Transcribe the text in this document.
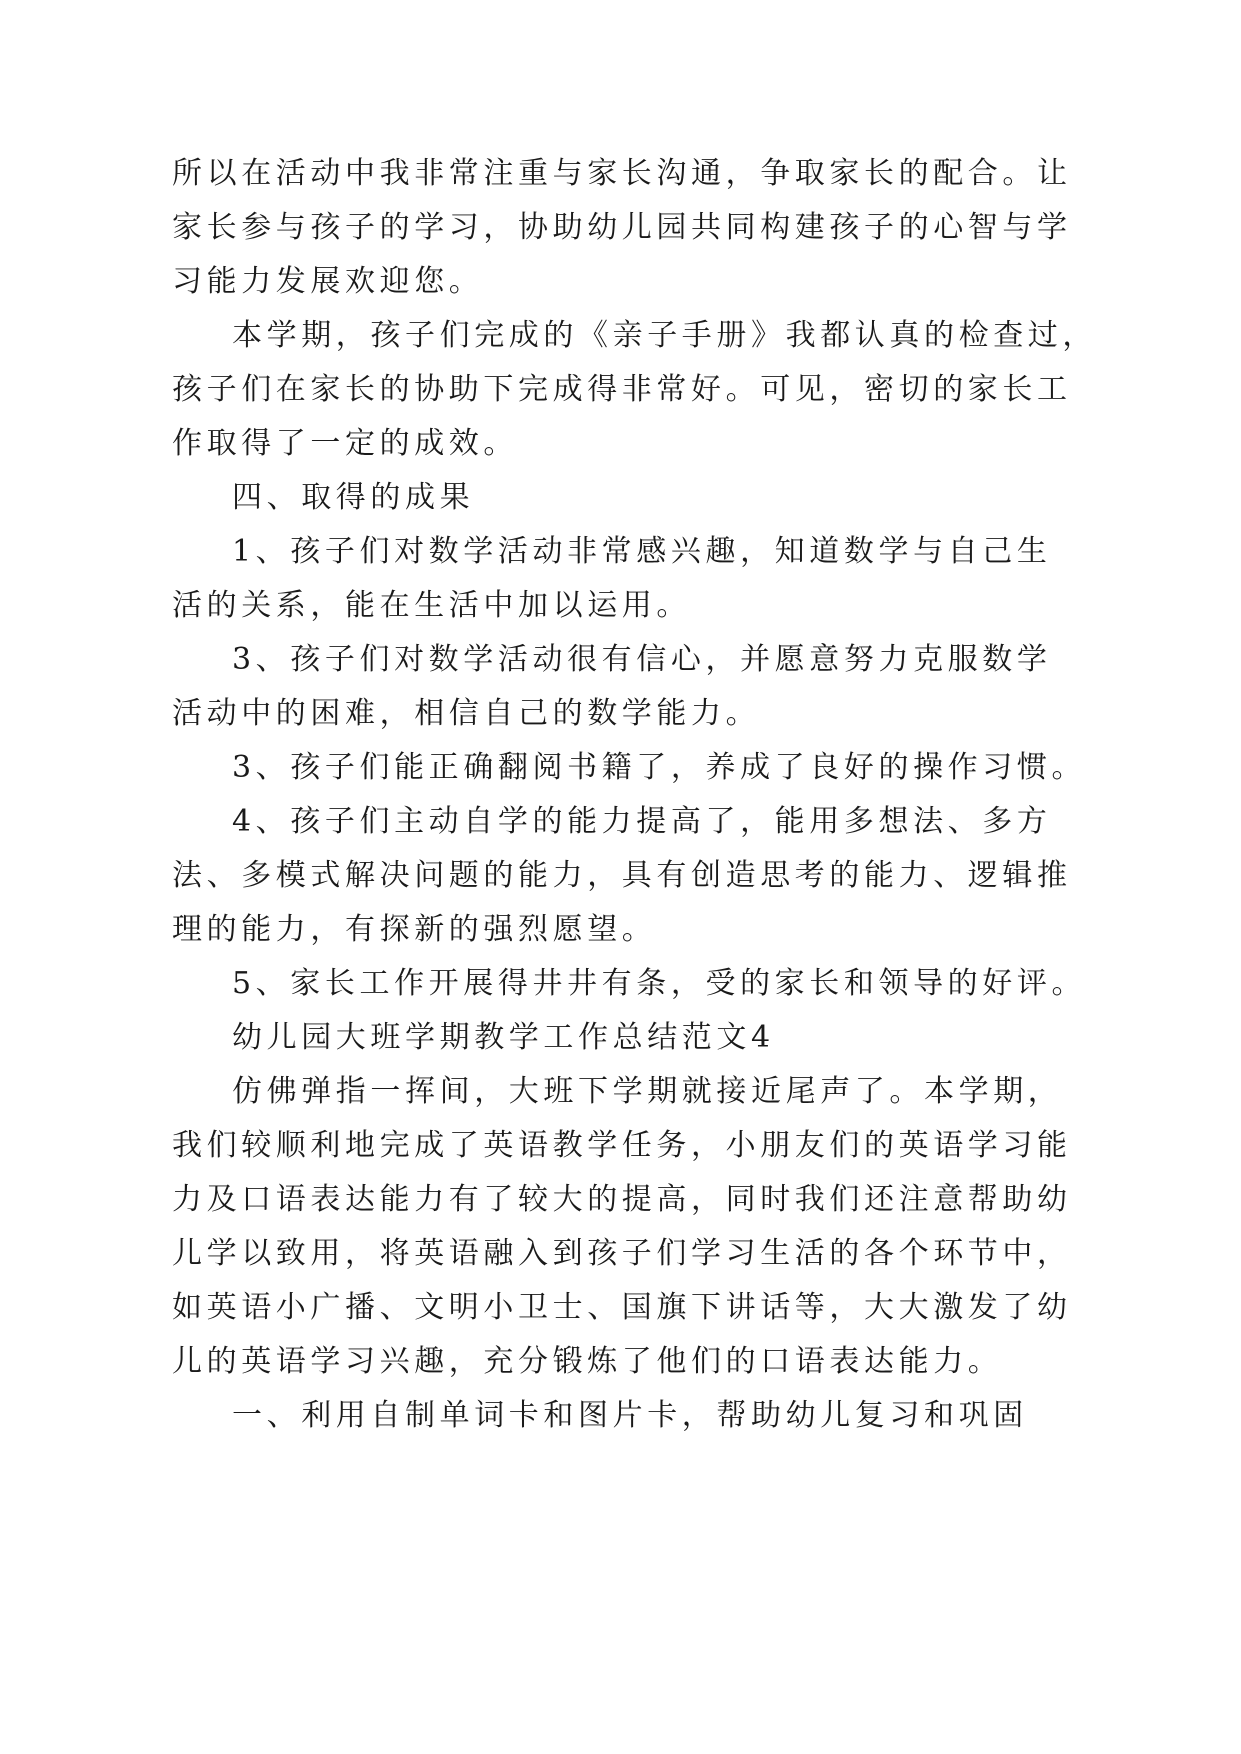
所以在活动中我非常注重与家长沟通，争取家长的配合。让
家长参与孩子的学习，协助幼儿园共同构建孩子的心智与学
习能力发展欢迎您。
本学期，孩子们完成的《亲子手册》我都认真的检查过，
孩子们在家长的协助下完成得非常好。可见，密切的家长工
作取得了一定的成效。
四、取得的成果
1、孩子们对数学活动非常感兴趣，知道数学与自己生
活的关系，能在生活中加以运用。
3、孩子们对数学活动很有信心，并愿意努力克服数学
活动中的困难，相信自己的数学能力。
3、孩子们能正确翻阅书籍了，养成了良好的操作习惯。
4、孩子们主动自学的能力提高了，能用多想法、多方
法、多模式解决问题的能力，具有创造思考的能力、逻辑推
理的能力，有探新的强烈愿望。
5、家长工作开展得井井有条，受的家长和领导的好评。
幼儿园大班学期教学工作总结范文4
仿佛弹指一挥间，大班下学期就接近尾声了。本学期，
我们较顺利地完成了英语教学任务，小朋友们的英语学习能
力及口语表达能力有了较大的提高，同时我们还注意帮助幼
儿学以致用，将英语融入到孩子们学习生活的各个环节中，
如英语小广播、文明小卫士、国旗下讲话等，大大激发了幼
儿的英语学习兴趣，充分锻炼了他们的口语表达能力。
一、利用自制单词卡和图片卡，帮助幼儿复习和巩固
